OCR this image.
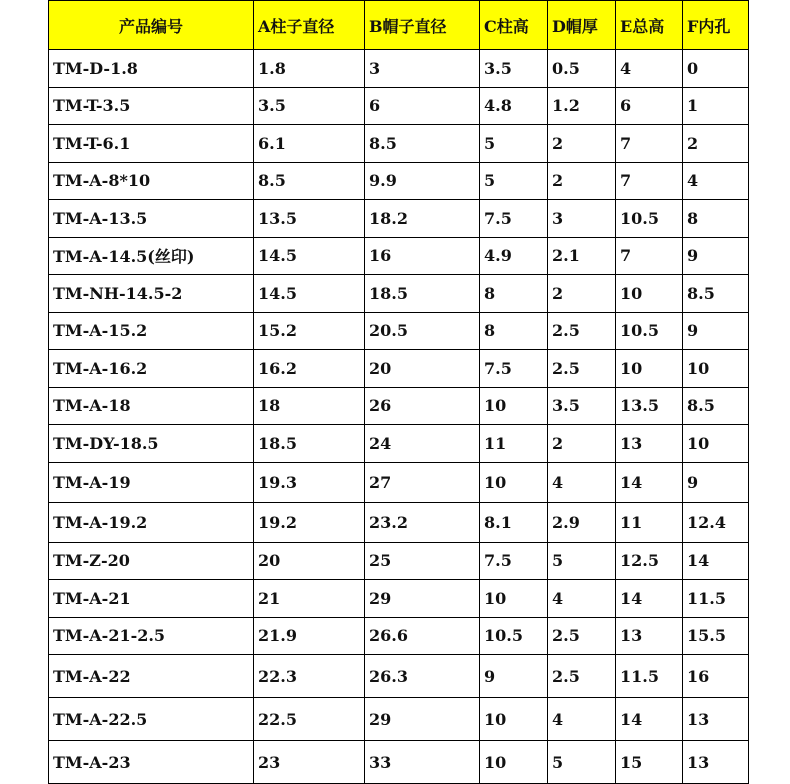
产品编号	A柱子直径	B帽子直径	C柱高	D帽厚	E总高	F内孔
TM-D-1.8	1.8	3	3.5	0.5	4	0
TM-T-3.5	3.5	6	4.8	1.2	6	1
TM-T-6.1	6.1	8.5	5	2	7	2
TM-A-8*10	8.5	9.9	5	2	7	4
TM-A-13.5	13.5	18.2	7.5	3	10.5	8
TM-A-14.5(丝印)	14.5	16	4.9	2.1	7	9
TM-NH-14.5-2	14.5	18.5	8	2	10	8.5
TM-A-15.2	15.2	20.5	8	2.5	10.5	9
TM-A-16.2	16.2	20	7.5	2.5	10	10
TM-A-18	18	26	10	3.5	13.5	8.5
TM-DY-18.5	18.5	24	11	2	13	10
TM-A-19	19.3	27	10	4	14	9
TM-A-19.2	19.2	23.2	8.1	2.9	11	12.4
TM-Z-20	20	25	7.5	5	12.5	14
TM-A-21	21	29	10	4	14	11.5
TM-A-21-2.5	21.9	26.6	10.5	2.5	13	15.5
TM-A-22	22.3	26.3	9	2.5	11.5	16
TM-A-22.5	22.5	29	10	4	14	13
TM-A-23	23	33	10	5	15	13
